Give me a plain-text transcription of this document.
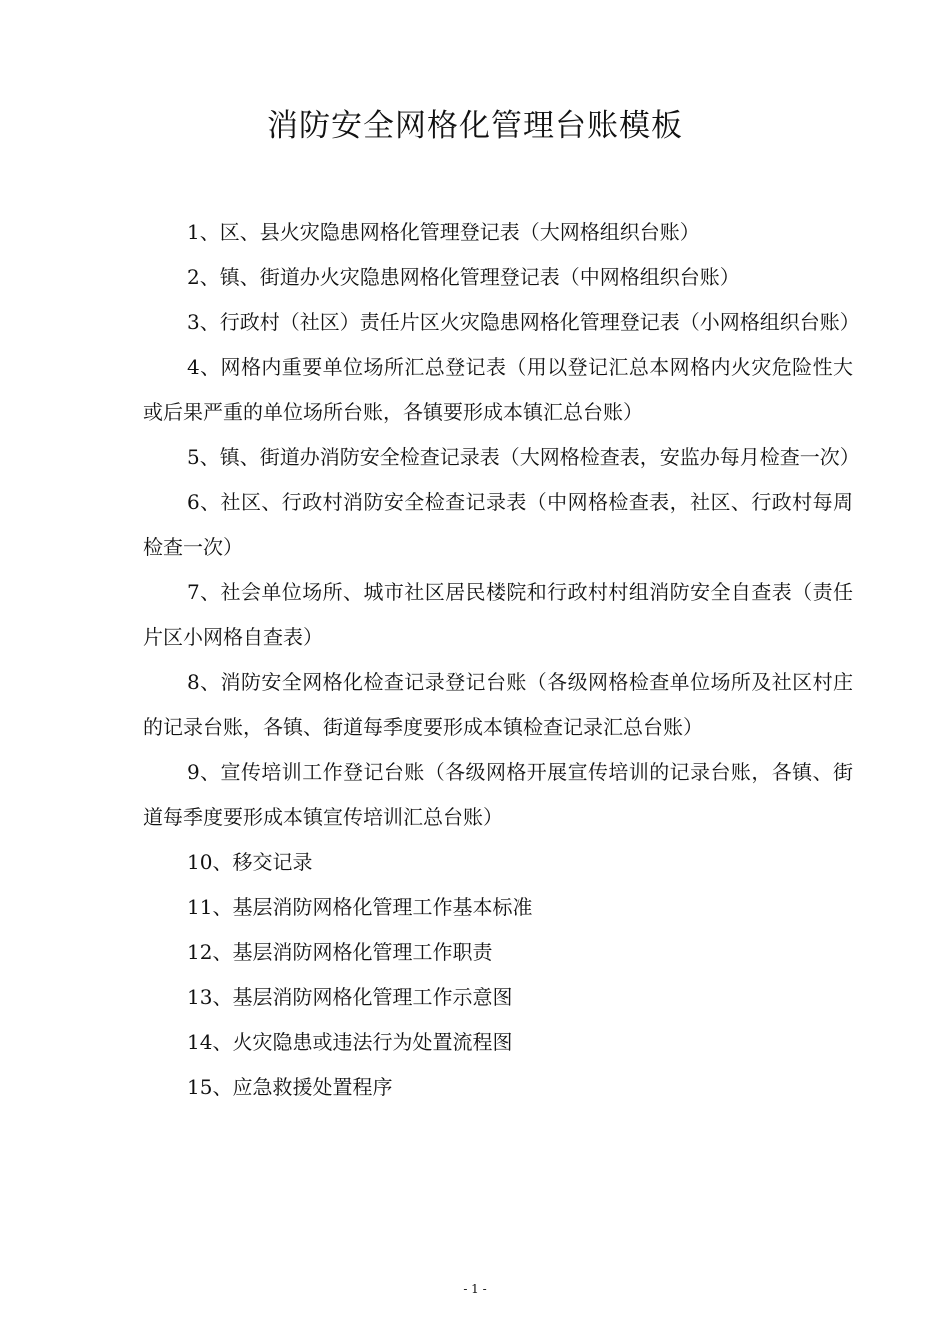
消防安全网格化管理台账模板

1、区、县火灾隐患网格化管理登记表（大网格组织台账）

2、镇、街道办火灾隐患网格化管理登记表（中网格组织台账）

3、行政村（社区）责任片区火灾隐患网格化管理登记表（小网格组织台账）

4、网格内重要单位场所汇总登记表（用以登记汇总本网格内火灾危险性大或后果严重的单位场所台账，各镇要形成本镇汇总台账）

5、镇、街道办消防安全检查记录表（大网格检查表，安监办每月检查一次）

6、社区、行政村消防安全检查记录表（中网格检查表，社区、行政村每周检查一次）

7、社会单位场所、城市社区居民楼院和行政村村组消防安全自查表（责任片区小网格自查表）

8、消防安全网格化检查记录登记台账（各级网格检查单位场所及社区村庄的记录台账，各镇、街道每季度要形成本镇检查记录汇总台账）

9、宣传培训工作登记台账（各级网格开展宣传培训的记录台账，各镇、街道每季度要形成本镇宣传培训汇总台账）

10、移交记录

11、基层消防网格化管理工作基本标准

12、基层消防网格化管理工作职责

13、基层消防网格化管理工作示意图

14、火灾隐患或违法行为处置流程图

15、应急救援处置程序

- 1 -
